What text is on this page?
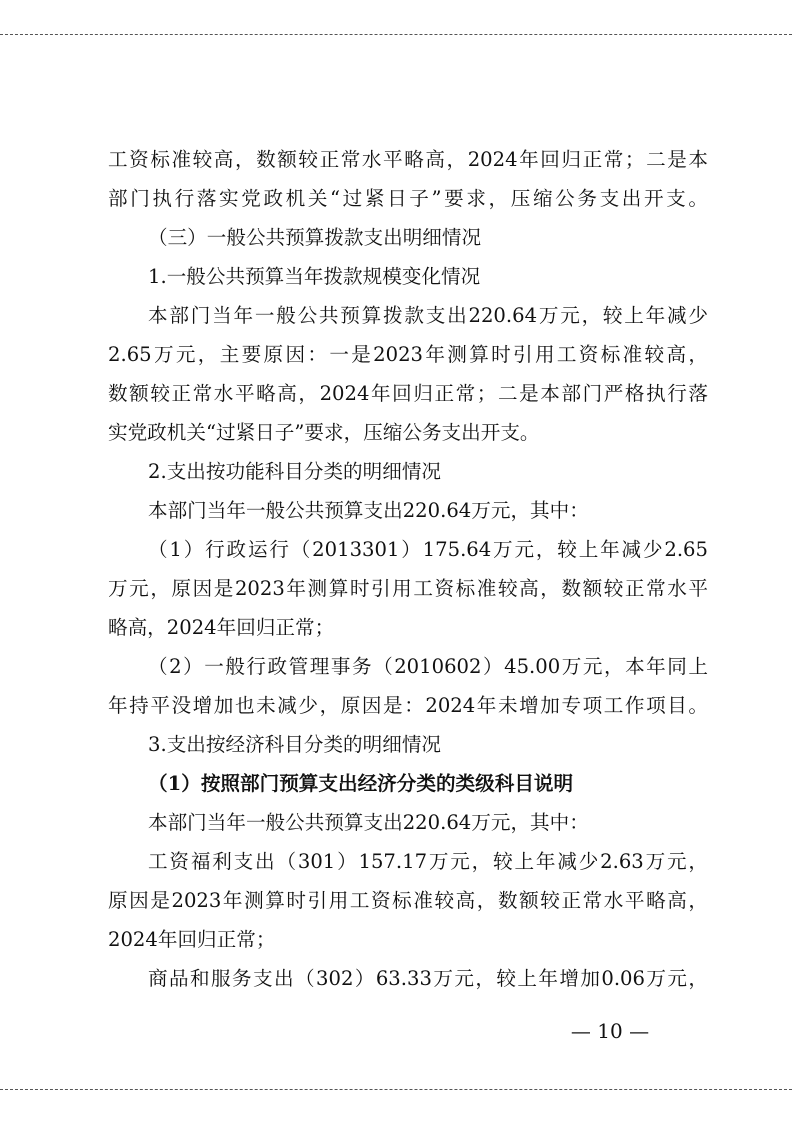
工资标准较高，数额较正常水平略高，2024年回归正常；二是本
部门执行落实党政机关“过紧日子”要求，压缩公务支出开支。
（三）一般公共预算拨款支出明细情况
1.一般公共预算当年拨款规模变化情况
本部门当年一般公共预算拨款支出220.64万元，较上年减少
2.65万元，主要原因：一是2023年测算时引用工资标准较高，
数额较正常水平略高，2024年回归正常；二是本部门严格执行落
实党政机关“过紧日子”要求，压缩公务支出开支。
2.支出按功能科目分类的明细情况
本部门当年一般公共预算支出220.64万元，其中：
（1）行政运行（2013301）175.64万元，较上年减少2.65
万元，原因是2023年测算时引用工资标准较高，数额较正常水平
略高，2024年回归正常；
（2）一般行政管理事务（2010602）45.00万元，本年同上
年持平没增加也未减少，原因是：2024年未增加专项工作项目。
3.支出按经济科目分类的明细情况
（1）按照部门预算支出经济分类的类级科目说明
本部门当年一般公共预算支出220.64万元，其中：
工资福利支出（301）157.17万元，较上年减少2.63万元，
原因是2023年测算时引用工资标准较高，数额较正常水平略高，
2024年回归正常；
商品和服务支出（302）63.33万元，较上年增加0.06万元，
— 10 —
